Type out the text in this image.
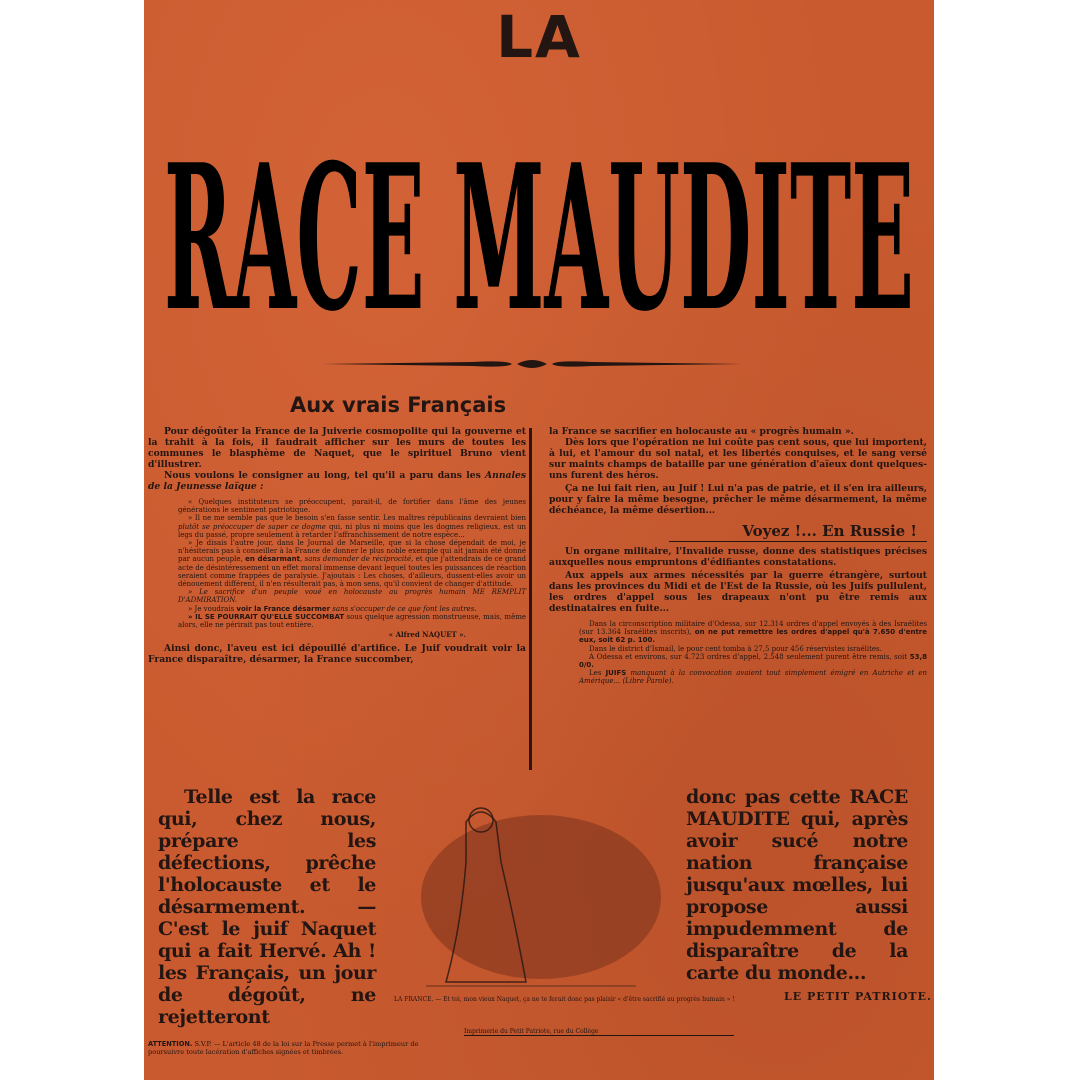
LA
RACE MAUDITE
Aux vrais Français

Pour dégoûter la France de la Juiverie cosmopolite qui la gouverne et la trahit à la fois, il faudrait afficher sur les murs de toutes les communes le blasphème de Naquet, que le spirituel Bruno vient d'illustrer.

Nous voulons le consigner au long, tel qu'il a paru dans les Annales de la Jeunesse laïque :

« Quelques instituteurs se préoccupent, parait-il, de fortifier dans l'âme des jeunes générations le sentiment patriotique.

» Il ne me semble pas que le besoin s'en fasse sentir. Les maîtres républicains devraient bien plutôt se préoccuper de saper ce dogme qui, ni plus ni moins que les dogmes religieux, est un legs du passé, propre seulement à retarder l'affranchissement de notre espèce...

» Je disais l'autre jour, dans le Journal de Marseille, que si la chose dépendait de moi, je n'hésiterais pas à conseiller à la France de donner le plus noble exemple qui ait jamais été donné par aucun peuple, en désarmant, sans demander de réciprocité, et que j'attendrais de ce grand acte de désintéressement un effet moral immense devant lequel toutes les puissances de réaction seraient comme frappées de paralysie. J'ajoutais : Les choses, d'ailleurs, dussent-elles avoir un dénouement différent, il n'en résulterait pas, à mon sens, qu'il convient de changer d'attitude.

» Le sacrifice d'un peuple voué en holocauste au progrès humain ME REMPLIT D'ADMIRATION.

» Je voudrais voir la France désarmer sans s'occuper de ce que font les autres.

» IL SE POURRAIT QU'ELLE SUCCOMBAT sous quelque agression monstrueuse, mais, même alors, elle ne périrait pas tout entière.

« Alfred NAQUET ».

Ainsi donc, l'aveu est ici dépouillé d'artifice. Le Juif voudrait voir la France disparaître, désarmer, la France succomber,

la France se sacrifier en holocauste au « progrès humain ».

Dès lors que l'opération ne lui coûte pas cent sous, que lui importent, à lui, et l'amour du sol natal, et les libertés conquises, et le sang versé sur maints champs de bataille par une génération d'aïeux dont quelques-uns furent des héros.

Ça ne lui fait rien, au Juif ! Lui n'a pas de patrie, et il s'en ira ailleurs, pour y faire la même besogne, prêcher le même désarmement, la même déchéance, la même désertion...

Voyez !... En Russie !

Un organe militaire, l'Invalide russe, donne des statistiques précises auxquelles nous empruntons d'édifiantes constatations.

Aux appels aux armes nécessités par la guerre étrangère, surtout dans les provinces du Midi et de l'Est de la Russie, où les Juifs pullulent, les ordres d'appel sous les drapeaux n'ont pu être remis aux destinataires en fuite...

Dans la circonscription militaire d'Odessa, sur 12.314 ordres d'appel envoyés à des Israélites (sur 13.364 Israélites inscrits), on ne put remettre les ordres d'appel qu'à 7.650 d'entre eux, soit 62 p. 100.

Dans le district d'Ismail, le pour cent tomba à 27,5 pour 456 réservistes israélites.

A Odessa et environs, sur 4.723 ordres d'appel, 2.548 seulement purent être remis, soit 53,8 0/0.

Les JUIFS manquant à la convocation avaient tout simplement émigré en Autriche et en Amérique... (Libre Parole).

Telle est la race qui, chez nous, prépare les défections, prêche l'holocauste et le désarmement. — C'est le juif Naquet qui a fait Hervé. Ah ! les Français, un jour de dégoût, ne rejetteront

donc pas cette RACE MAUDITE qui, après avoir sucé notre nation française jusqu'aux mœlles, lui propose aussi impudemment de disparaître de la carte du monde...

LE PETIT PATRIOTE.
LA FRANCE. — Et toi, mon vieux Naquet, ça ne te ferait donc pas plaisir « d'être sacrifié au progrès humain » !
Imprimerie du Petit Patriote, rue du Collège
ATTENTION. S.V.P. — L'article 48 de la loi sur la Presse permet à l'imprimeur de poursuivre toute lacération d'affiches signées et timbrées.
